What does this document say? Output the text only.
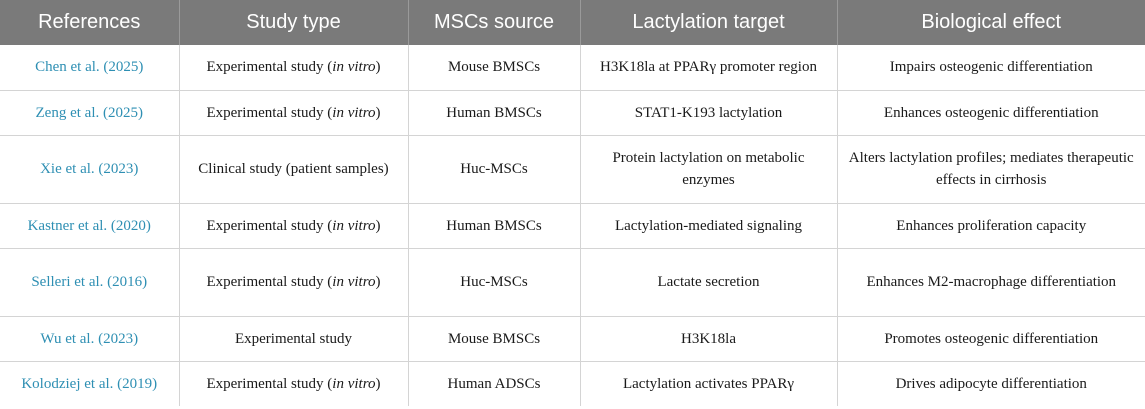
References	Study type	MSCs source	Lactylation target	Biological effect
Chen et al. (2025)	Experimental study (in vitro)	Mouse BMSCs	H3K18la at PPARγ promoter region	Impairs osteogenic differentiation
Zeng et al. (2025)	Experimental study (in vitro)	Human BMSCs	STAT1-K193 lactylation	Enhances osteogenic differentiation
Xie et al. (2023)	Clinical study (patient samples)	Huc-MSCs	Protein lactylation on metabolic enzymes	Alters lactylation profiles; mediates therapeutic effects in cirrhosis
Kastner et al. (2020)	Experimental study (in vitro)	Human BMSCs	Lactylation-mediated signaling	Enhances proliferation capacity
Selleri et al. (2016)	Experimental study (in vitro)	Huc-MSCs	Lactate secretion	Enhances M2-macrophage differentiation
Wu et al. (2023)	Experimental study	Mouse BMSCs	H3K18la	Promotes osteogenic differentiation
Kolodziej et al. (2019)	Experimental study (in vitro)	Human ADSCs	Lactylation activates PPARγ	Drives adipocyte differentiation
